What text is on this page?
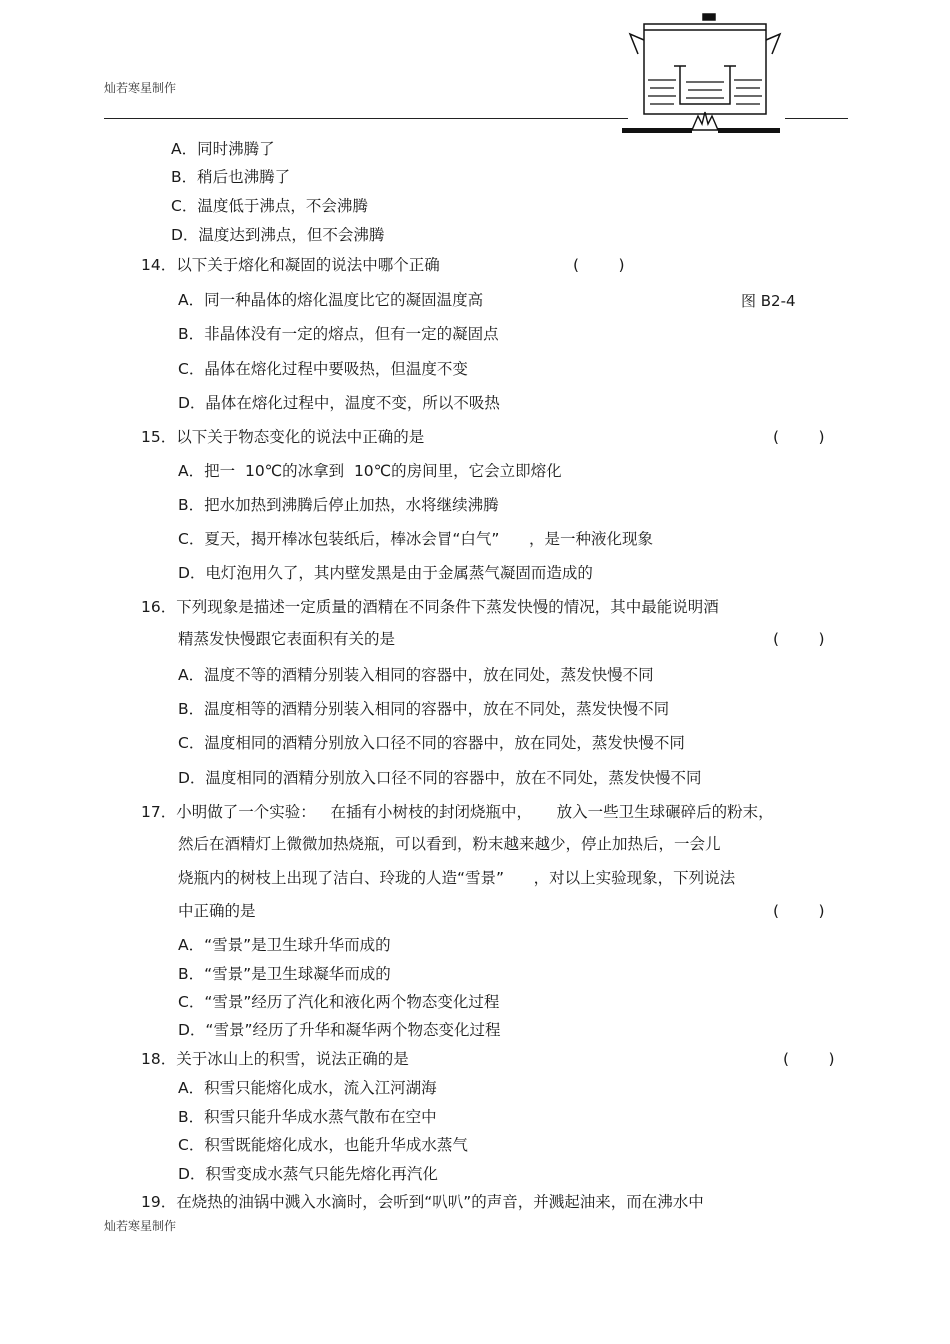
灿若寒星制作
图 B2-4
A．同时沸腾了
B．稍后也沸腾了
C．温度低于沸点，不会沸腾
D．温度达到沸点，但不会沸腾
14．以下关于熔化和凝固的说法中哪个正确	(        )
A．同一种晶体的熔化温度比它的凝固温度高
B．非晶体没有一定的熔点，但有一定的凝固点
C．晶体在熔化过程中要吸热，但温度不变
D．晶体在熔化过程中，温度不变，所以不吸热
15．以下关于物态变化的说法中正确的是	(        )
A．把一  10℃的冰拿到  10℃的房间里，它会立即熔化
B．把水加热到沸腾后停止加热，水将继续沸腾
C．夏天，揭开棒冰包装纸后，棒冰会冒“白气”      ，是一种液化现象
D．电灯泡用久了，其内壁发黑是由于金属蒸气凝固而造成的
16．下列现象是描述一定质量的酒精在不同条件下蒸发快慢的情况，其中最能说明酒
精蒸发快慢跟它表面积有关的是	(        )
A．温度不等的酒精分别装入相同的容器中，放在同处，蒸发快慢不同
B．温度相等的酒精分别装入相同的容器中，放在不同处，蒸发快慢不同
C．温度相同的酒精分别放入口径不同的容器中，放在同处，蒸发快慢不同
D．温度相同的酒精分别放入口径不同的容器中，放在不同处，蒸发快慢不同
17．小明做了一个实验：   在插有小树枝的封闭烧瓶中，     放入一些卫生球碾碎后的粉末，
然后在酒精灯上微微加热烧瓶，可以看到，粉末越来越少，停止加热后，一会儿
烧瓶内的树枝上出现了洁白、玲珑的人造“雪景”      ，对以上实验现象，下列说法
中正确的是	(        )
A．“雪景”是卫生球升华而成的
B．“雪景”是卫生球凝华而成的
C．“雪景”经历了汽化和液化两个物态变化过程
D．“雪景”经历了升华和凝华两个物态变化过程
18．关于冰山上的积雪，说法正确的是	(        )
A．积雪只能熔化成水，流入江河湖海
B．积雪只能升华成水蒸气散布在空中
C．积雪既能熔化成水，也能升华成水蒸气
D．积雪变成水蒸气只能先熔化再汽化
19．在烧热的油锅中溅入水滴时，会听到“叭叭”的声音，并溅起油来，而在沸水中
灿若寒星制作
